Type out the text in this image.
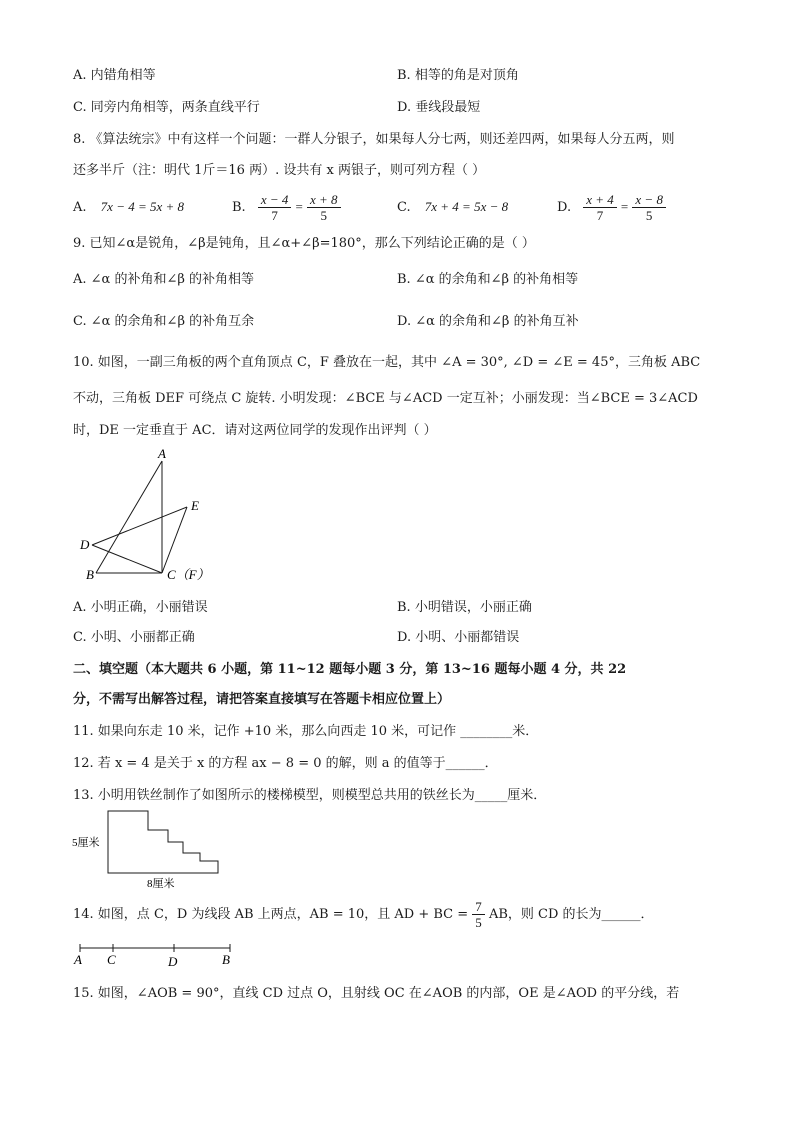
A. 内错角相等	B. 相等的角是对顶角
C. 同旁内角相等，两条直线平行	D. 垂线段最短
8. 《算法统宗》中有这样一个问题：一群人分银子，如果每人分七两，则还差四两，如果每人分五两，则
还多半斤（注：明代 1斤＝16 两）. 设共有 x 两银子，则可列方程（ ）
A. 7x − 4 = 5x + 8	B. $\frac{x - 4}{7} = \frac{x + 8}{5}$	C. 7x + 4 = 5x − 8	D. $\frac{x + 4}{7} = \frac{x - 8}{5}$
9. 已知∠α是锐角，∠β是钝角，且∠α+∠β=180°，那么下列结论正确的是（ ）
A. ∠α 的补角和∠β 的补角相等	B. ∠α 的余角和∠β 的补角相等
C. ∠α 的余角和∠β 的补角互余	D. ∠α 的余角和∠β 的补角互补
10. 如图，一副三角板的两个直角顶点 C，F 叠放在一起，其中 ∠A = 30°, ∠D = ∠E = 45°，三角板 ABC
不动，三角板 DEF 可绕点 C 旋转. 小明发现：∠BCE 与∠ACD 一定互补；小丽发现：当∠BCE = 3∠ACD
时，DE 一定垂直于 AC．请对这两位同学的发现作出评判（ ）
A
E
D
B	C（F）
A. 小明正确，小丽错误	B. 小明错误，小丽正确
C. 小明、小丽都正确	D. 小明、小丽都错误
二、填空题（本大题共 6 小题，第 11~12 题每小题 3 分，第 13~16 题每小题 4 分，共 22
分，不需写出解答过程，请把答案直接填写在答题卡相应位置上）
11. 如果向东走 10 米，记作 +10 米，那么向西走 10 米，可记作 ________米．
12. 若 x = 4 是关于 x 的方程 ax − 8 = 0 的解，则 a 的值等于______．
13. 小明用铁丝制作了如图所示的楼梯模型，则模型总共用的铁丝长为_____厘米．
5厘米
8厘米
14. 如图，点 C，D 为线段 AB 上两点，AB = 10，且 AD + BC = $\frac{7}{5}$ AB，则 CD 的长为______．
A C	D	B
15. 如图，∠AOB = 90°，直线 CD 过点 O，且射线 OC 在∠AOB 的内部，OE 是∠AOD 的平分线，若
